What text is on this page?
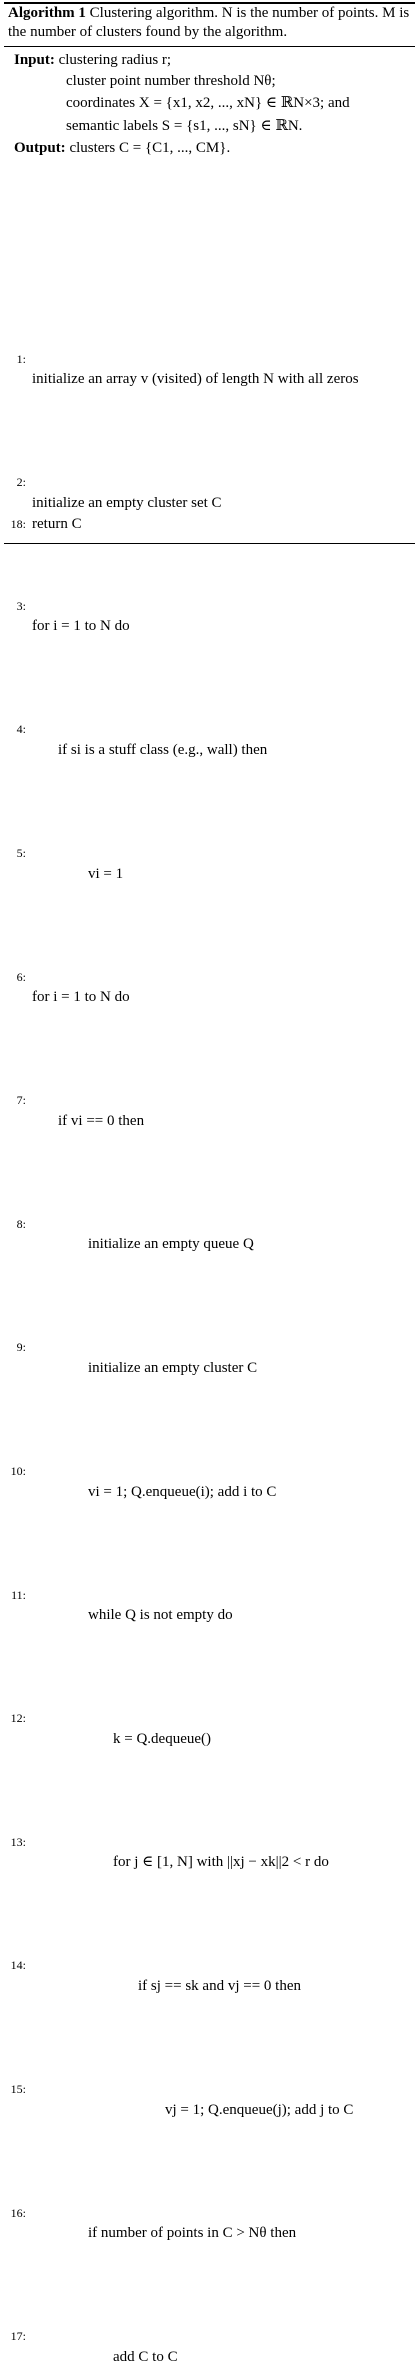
Algorithm 1 Clustering algorithm. N is the number of points. M is the number of clusters found by the algorithm.
Input: clustering radius r;
cluster point number threshold Nθ;
coordinates X = {x1, x2, ..., xN} ∈ ℝN×3; and
semantic labels S = {s1, ..., sN} ∈ ℝN.
Output: clusters C = {C1, ..., CM}.
1:
initialize an array v (visited) of length N with all zeros
2:
initialize an empty cluster set C
3:
for i = 1 to N do
4:
if si is a stuff class (e.g., wall) then
5:
vi = 1
6:
for i = 1 to N do
7:
if vi == 0 then
8:
initialize an empty queue Q
9:
initialize an empty cluster C
10:
vi = 1; Q.enqueue(i); add i to C
11:
while Q is not empty do
12:
k = Q.dequeue()
13:
for j ∈ [1, N] with ||xj − xk||2 < r do
14:
if sj == sk and vj == 0 then
15:
vj = 1; Q.enqueue(j); add j to C
16:
if number of points in C > Nθ then
17:
add C to C
18: return C
